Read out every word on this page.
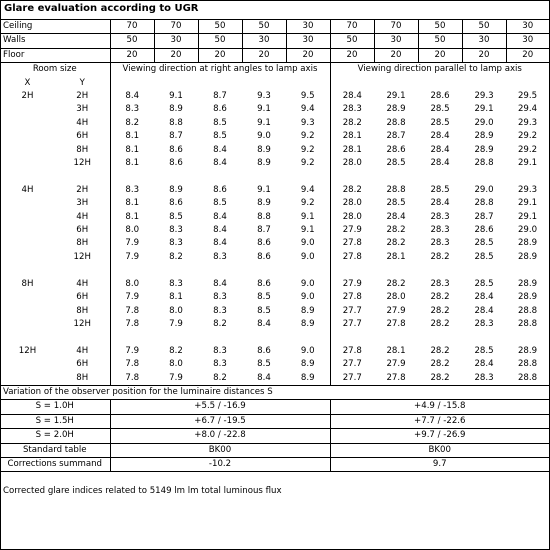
Glare evaluation according to UGR
Ceiling		70	70	50	50	30	70	70	50	50	30
Walls		50	30	50	30	30	50	30	50	30	30
Floor		20	20	20	20	20	20	20	20	20	20
Room size		Viewing direction at right angles to lamp axis					Viewing direction parallel to lamp axis				
X	Y										
2H	2H	8.4	9.1	8.7	9.3	9.5	28.4	29.1	28.6	29.3	29.5
	3H	8.3	8.9	8.6	9.1	9.4	28.3	28.9	28.5	29.1	29.4
	4H	8.2	8.8	8.5	9.1	9.3	28.2	28.8	28.5	29.0	29.3
	6H	8.1	8.7	8.5	9.0	9.2	28.1	28.7	28.4	28.9	29.2
	8H	8.1	8.6	8.4	8.9	9.2	28.1	28.6	28.4	28.9	29.2
	12H	8.1	8.6	8.4	8.9	9.2	28.0	28.5	28.4	28.8	29.1

4H	2H	8.3	8.9	8.6	9.1	9.4	28.2	28.8	28.5	29.0	29.3
	3H	8.1	8.6	8.5	8.9	9.2	28.0	28.5	28.4	28.8	29.1
	4H	8.1	8.5	8.4	8.8	9.1	28.0	28.4	28.3	28.7	29.1
	6H	8.0	8.3	8.4	8.7	9.1	27.9	28.2	28.3	28.6	29.0
	8H	7.9	8.3	8.4	8.6	9.0	27.8	28.2	28.3	28.5	28.9
	12H	7.9	8.2	8.3	8.6	9.0	27.8	28.1	28.2	28.5	28.9

8H	4H	8.0	8.3	8.4	8.6	9.0	27.9	28.2	28.3	28.5	28.9
	6H	7.9	8.1	8.3	8.5	9.0	27.8	28.0	28.2	28.4	28.9
	8H	7.8	8.0	8.3	8.5	8.9	27.7	27.9	28.2	28.4	28.8
	12H	7.8	7.9	8.2	8.4	8.9	27.7	27.8	28.2	28.3	28.8

12H	4H	7.9	8.2	8.3	8.6	9.0	27.8	28.1	28.2	28.5	28.9
	6H	7.8	8.0	8.3	8.5	8.9	27.7	27.9	28.2	28.4	28.8
	8H	7.8	7.9	8.2	8.4	8.9	27.7	27.8	28.2	28.3	28.8
Variation of the observer position for the luminaire distances S											
S = 1.0H		+5.5 / -16.9					+4.9 / -15.8				
S = 1.5H		+6.7 / -19.5					+7.7 / -22.6				
S = 2.0H		+8.0 / -22.8					+9.7 / -26.9				
Standard table		BK00					BK00				
Corrections summand		-10.2					9.7				
Corrected glare indices related to 5149 lm lm total luminous flux
